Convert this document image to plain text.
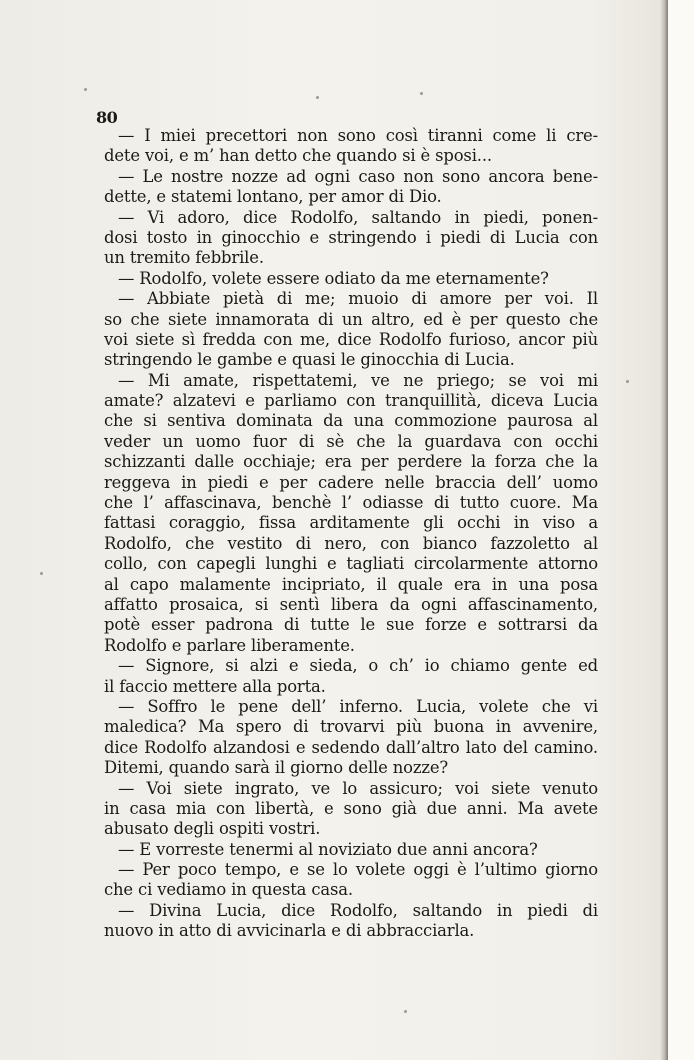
80
— I miei precettori non sono così tiranni come li cre-
dete voi, e m’ han detto che quando si è sposi...
— Le nostre nozze ad ogni caso non sono ancora bene-
dette, e statemi lontano, per amor di Dio.
— Vi adoro, dice Rodolfo, saltando in piedi, ponen-
dosi tosto in ginocchio e stringendo i piedi di Lucia con
un tremito febbrile.
— Rodolfo, volete essere odiato da me eternamente?
— Abbiate pietà di me; muoio di amore per voi. Il
so che siete innamorata di un altro, ed è per questo che
voi siete sì fredda con me, dice Rodolfo furioso, ancor più
stringendo le gambe e quasi le ginocchia di Lucia.
— Mi amate, rispettatemi, ve ne priego; se voi mi
amate? alzatevi e parliamo con tranquillità, diceva Lucia
che si sentiva dominata da una commozione paurosa al
veder un uomo fuor di sè che la guardava con occhi
schizzanti dalle occhiaje; era per perdere la forza che la
reggeva in piedi e per cadere nelle braccia dell’ uomo
che l’ affascinava, benchè l’ odiasse di tutto cuore. Ma
fattasi coraggio, fissa arditamente gli occhi in viso a
Rodolfo, che vestito di nero, con bianco fazzoletto al
collo, con capegli lunghi e tagliati circolarmente attorno
al capo malamente incipriato, il quale era in una posa
affatto prosaica, si sentì libera da ogni affascinamento,
potè esser padrona di tutte le sue forze e sottrarsi da
Rodolfo e parlare liberamente.
— Signore, si alzi e sieda, o ch’ io chiamo gente ed
il faccio mettere alla porta.
— Soffro le pene dell’ inferno. Lucia, volete che vi
maledica? Ma spero di trovarvi più buona in avvenire,
dice Rodolfo alzandosi e sedendo dall’altro lato del camino.
Ditemi, quando sarà il giorno delle nozze?
— Voi siete ingrato, ve lo assicuro; voi siete venuto
in casa mia con libertà, e sono già due anni. Ma avete
abusato degli ospiti vostri.
— E vorreste tenermi al noviziato due anni ancora?
— Per poco tempo, e se lo volete oggi è l’ultimo giorno
che ci vediamo in questa casa.
— Divina Lucia, dice Rodolfo, saltando in piedi di
nuovo in atto di avvicinarla e di abbracciarla.
